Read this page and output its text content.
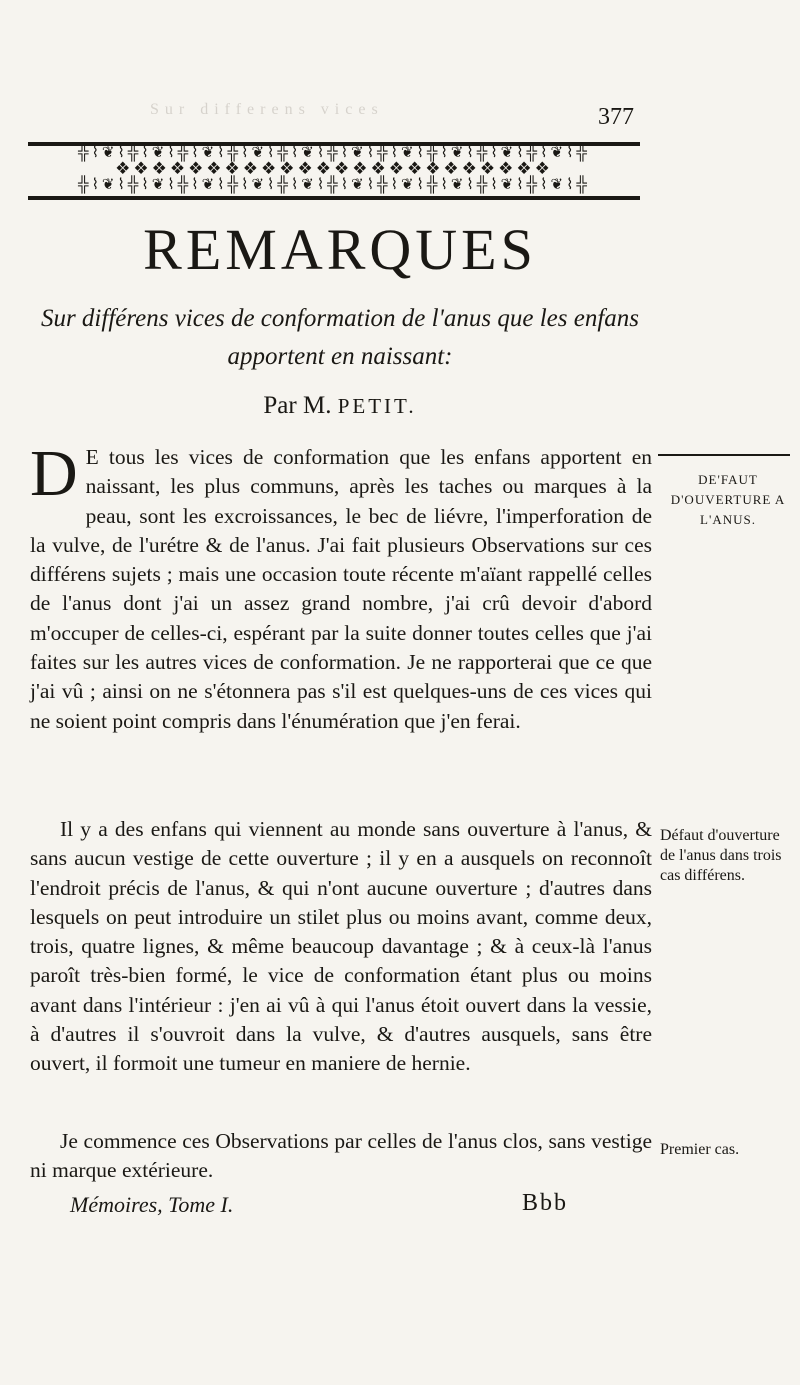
Sur differens vices	377
╬⌇❦⌇╬⌇❦⌇╬⌇❦⌇╬⌇❦⌇╬⌇❦⌇╬⌇❦⌇╬⌇❦⌇╬⌇❦⌇╬⌇❦⌇╬⌇❦⌇╬
❖❖❖❖❖❖❖❖❖❖❖❖❖❖❖❖❖❖❖❖❖❖❖❖
╬⌇❦⌇╬⌇❦⌇╬⌇❦⌇╬⌇❦⌇╬⌇❦⌇╬⌇❦⌇╬⌇❦⌇╬⌇❦⌇╬⌇❦⌇╬⌇❦⌇╬
REMARQUES
Sur différens vices de conformation de l'anus que les enfans apportent en naissant:
Par M. PETIT.
D E tous les vices de conformation que les enfans apportent en naissant, les plus communs, après les taches ou marques à la peau, sont les excroissances, le bec de liévre, l'imperforation de la vulve, de l'urétre & de l'anus. J'ai fait plusieurs Observations sur ces différens sujets ; mais une occasion toute récente m'aïant rappellé celles de l'anus dont j'ai un assez grand nombre, j'ai crû devoir d'abord m'occuper de celles-ci, espérant par la suite donner toutes celles que j'ai faites sur les autres vices de conformation. Je ne rapporterai que ce que j'ai vû ; ainsi on ne s'étonnera pas s'il est quelques-uns de ces vices qui ne soient point compris dans l'énumération que j'en ferai.
Il y a des enfans qui viennent au monde sans ouverture à l'anus, & sans aucun vestige de cette ouverture ; il y en a ausquels on reconnoît l'endroit précis de l'anus, & qui n'ont aucune ouverture ; d'autres dans lesquels on peut introduire un stilet plus ou moins avant, comme deux, trois, quatre lignes, & même beaucoup davantage ; & à ceux-là l'anus paroît très-bien formé, le vice de conformation étant plus ou moins avant dans l'intérieur : j'en ai vû à qui l'anus étoit ouvert dans la vessie, à d'autres il s'ouvroit dans la vulve, & d'autres ausquels, sans être ouvert, il formoit une tumeur en maniere de hernie.
Je commence ces Observations par celles de l'anus clos, sans vestige ni marque extérieure.
Mémoires, Tome I.	Bbb
DE'FAUT D'OUVERTURE A L'ANUS.
Défaut d'ouverture de l'anus dans trois cas différens.
Premier cas.
